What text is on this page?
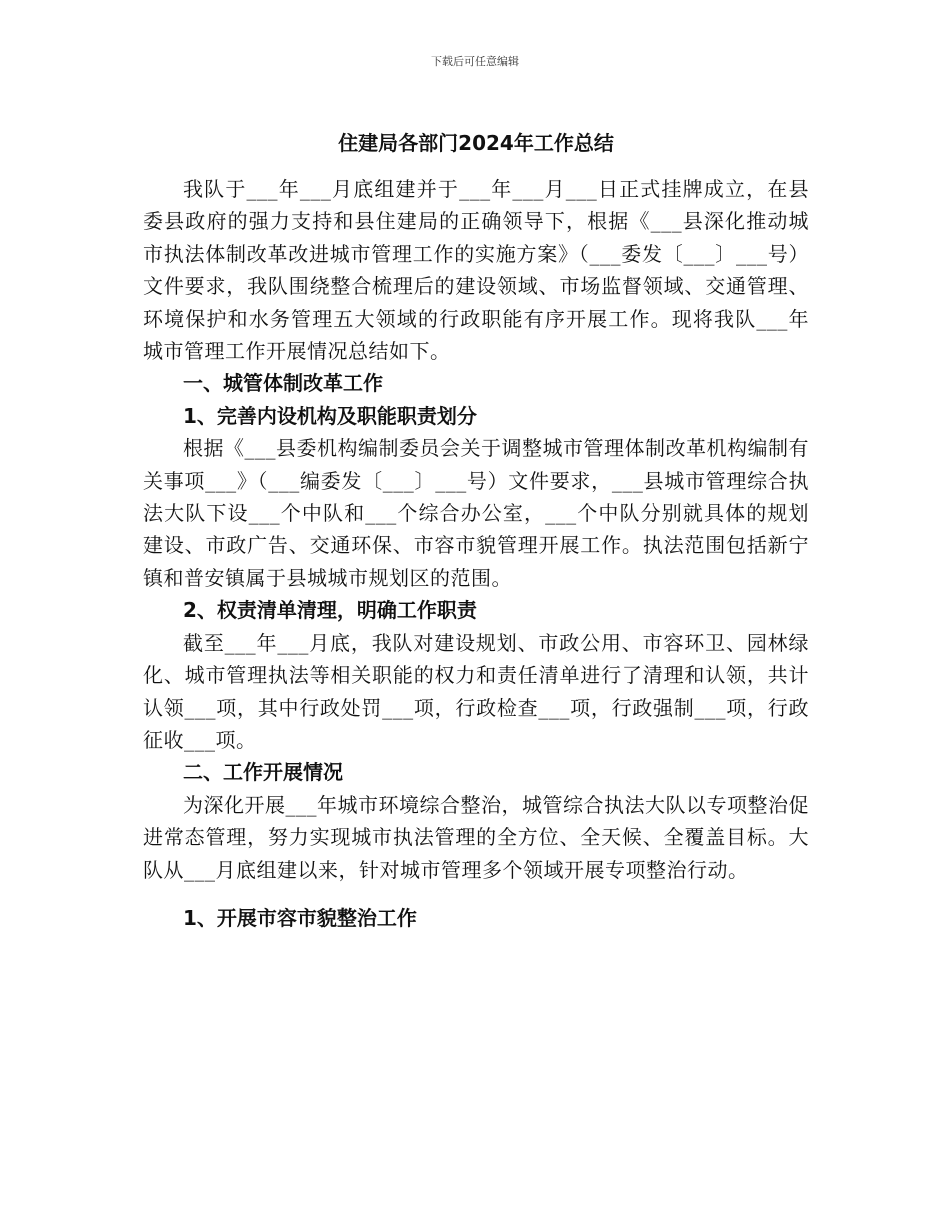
下载后可任意编辑
住建局各部门2024年工作总结

我队于___年___月底组建并于___年___月___日正式挂牌成立，在县委县政府的强力支持和县住建局的正确领导下，根据《___县深化推动城市执法体制改革改进城市管理工作的实施方案》（___委发〔___〕___号）文件要求，我队围绕整合梳理后的建设领域、市场监督领域、交通管理、环境保护和水务管理五大领域的行政职能有序开展工作。现将我队___年城市管理工作开展情况总结如下。

一、城管体制改革工作

1、完善内设机构及职能职责划分

根据《___县委机构编制委员会关于调整城市管理体制改革机构编制有关事项___》（___编委发〔___〕___号）文件要求，___县城市管理综合执法大队下设___个中队和___个综合办公室，___个中队分别就具体的规划建设、市政广告、交通环保、市容市貌管理开展工作。执法范围包括新宁镇和普安镇属于县城城市规划区的范围。

2、权责清单清理，明确工作职责

截至___年___月底，我队对建设规划、市政公用、市容环卫、园林绿化、城市管理执法等相关职能的权力和责任清单进行了清理和认领，共计认领___项，其中行政处罚___项，行政检查___项，行政强制___项，行政征收___项。

二、工作开展情况

为深化开展___年城市环境综合整治，城管综合执法大队以专项整治促进常态管理，努力实现城市执法管理的全方位、全天候、全覆盖目标。大队从___月底组建以来，针对城市管理多个领域开展专项整治行动。

1、开展市容市貌整治工作
